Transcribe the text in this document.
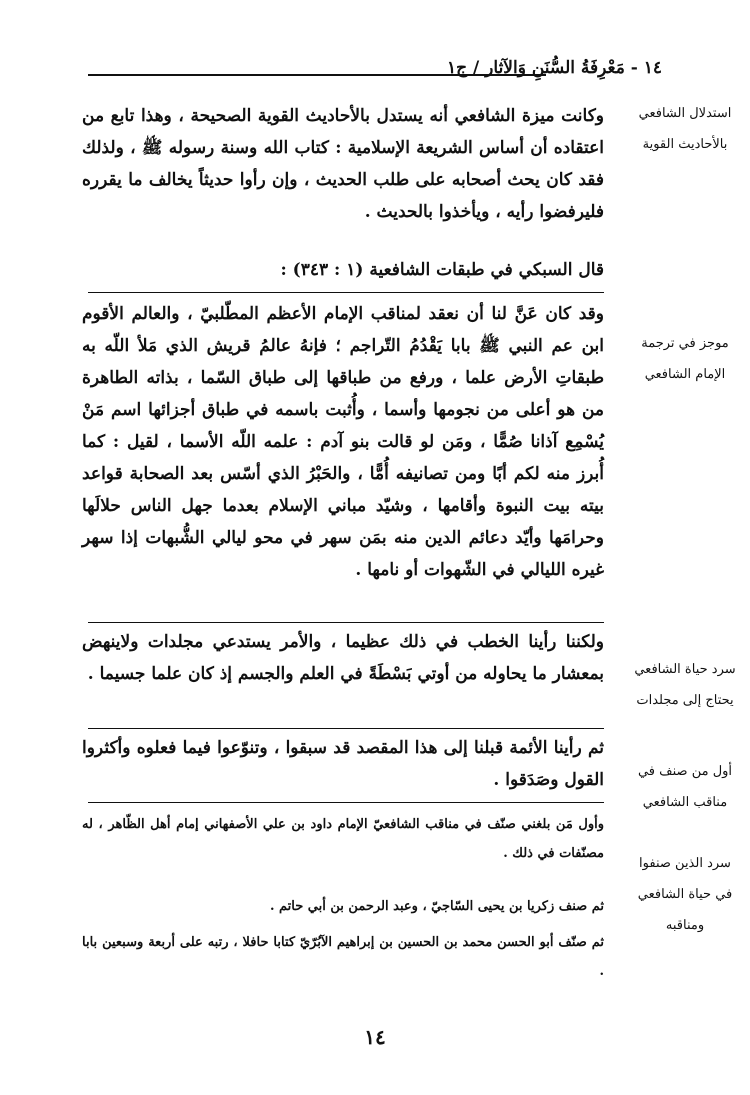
١٤ - مَعْرِفَةُ السُّنَنِ وَالآثار / ج١
استدلال الشافعي بالأحاديث القوية
وكانت ميزة الشافعي أنه يستدل بالأحاديث القوية الصحيحة ، وهذا تابع من اعتقاده أن أساس الشريعة الإسلامية : كتاب الله وسنة رسوله ﷺ ، ولذلك فقد كان يحث أصحابه على طلب الحديث ، وإن رأوا حديثاً يخالف ما يقرره فليرفضوا رأيه ، ويأخذوا بالحديث .
قال السبكي في طبقات الشافعية (١ : ٣٤٣) :
موجز في ترجمة الإمام الشافعي
وقد كان عَنَّ لنا أن نعقد لمناقب الإمام الأعظم المطّلبيّ ، والعالم الأقوم ابن عم النبي ﷺ بابا يَقْدُمُ التّراجم ؛ فإنهُ عالمُ قريش الذي مَلأ اللّه به طبقاتِ الأرض علما ، ورفع من طباقها إلى طباق السّما ، بذاته الطاهرة من هو أعلى من نجومها وأسما ، وأُثبت باسمه في طباق أجزائها اسم مَنْ يُسْمِع آذانا صُمًّا ، ومَن لو قالت بنو آدم : علمه اللّه الأسما ، لقيل : كما أُبرز منه لكم أبًا ومن تصانيفه أُمًّا ، والحَبْرُ الذي أسّس بعد الصحابة قواعد بيته بيت النبوة وأقامها ، وشيّد مباني الإسلام بعدما جهل الناس حلالَها وحرامَها وأيّد دعائم الدين منه بمَن سهر في محو ليالي الشُّبهات إذا سهر غيره الليالي في الشّهوات أو نامها .
سرد حياة الشافعي يحتاج إلى مجلدات
ولكننا رأينا الخطب في ذلك عظيما ، والأمر يستدعي مجلدات ولاينهض بمعشار ما يحاوله من أوتي بَسْطَةً في العلم والجسم إذ كان علما جسيما .
أول من صنف في مناقب الشافعي
ثم رأينا الأئمة قبلنا إلى هذا المقصد قد سبقوا ، وتنوّعوا فيما فعلوه وأكثروا القول وصَدَقوا .
سرد الذين صنفوا في حياة الشافعي ومناقبه
وأول مَن بلغني صنّف في مناقب الشافعيّ الإمام داود بن علي الأصفهاني إمام أهل الظّاهر ، له مصنّفات في ذلك .
ثم صنف زكريا بن يحيى السّاجيّ ، وعبد الرحمن بن أبي حاتم .
ثم صنّف أبو الحسن محمد بن الحسين بن إبراهيم الآبُرّيّ كتابا حافلا ، رتبه على أربعة وسبعين بابا .
١٤
